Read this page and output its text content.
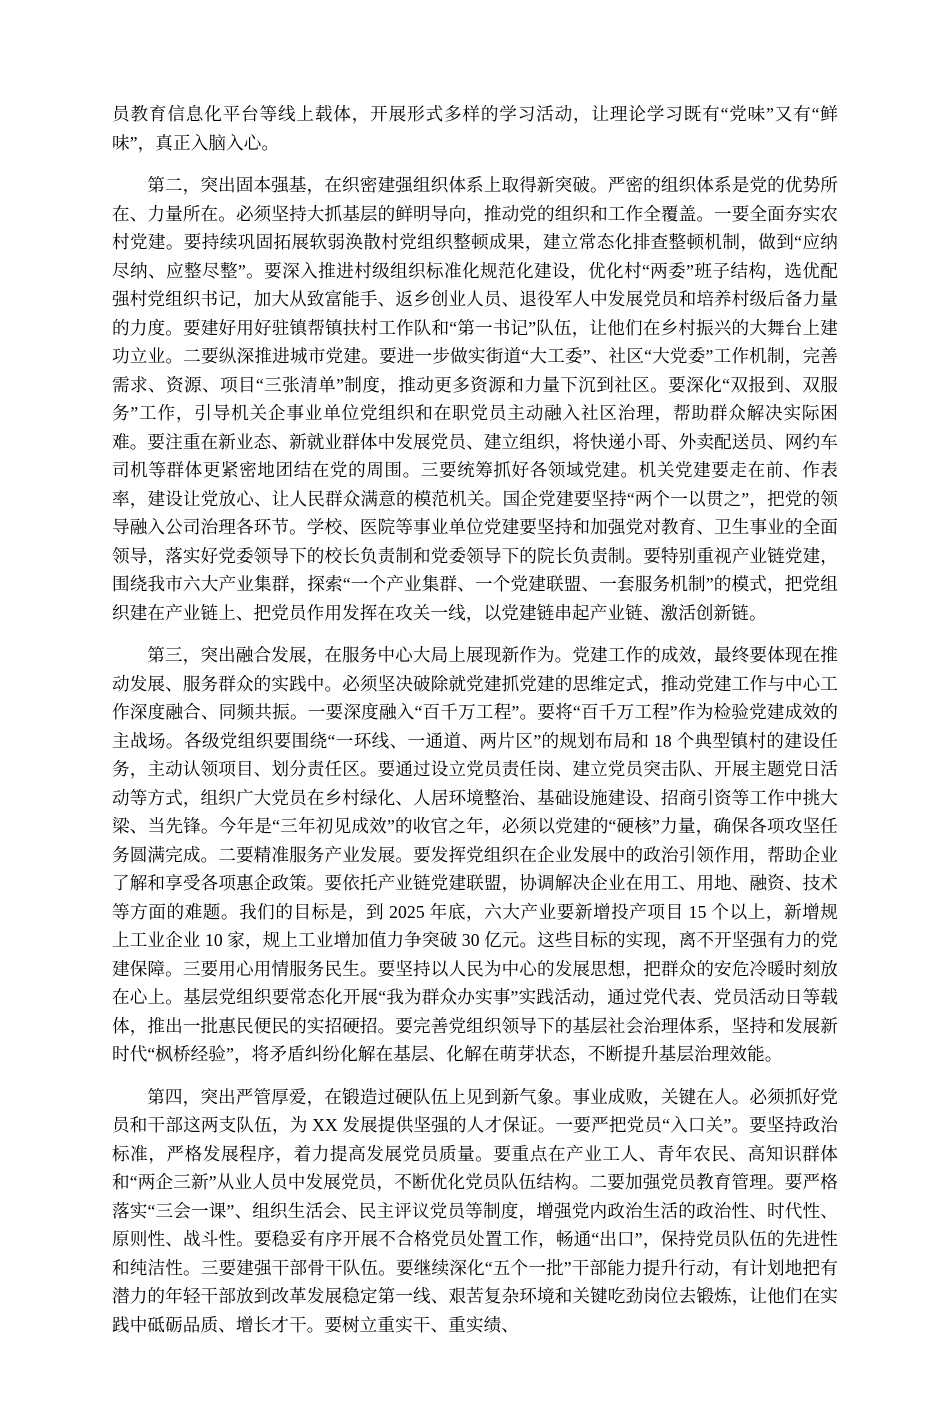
员教育信息化平台等线上载体，开展形式多样的学习活动，让理论学习既有“党味”又有“鲜味”，真正入脑入心。

第二，突出固本强基，在织密建强组织体系上取得新突破。严密的组织体系是党的优势所在、力量所在。必须坚持大抓基层的鲜明导向，推动党的组织和工作全覆盖。一要全面夯实农村党建。要持续巩固拓展软弱涣散村党组织整顿成果，建立常态化排查整顿机制，做到“应纳尽纳、应整尽整”。要深入推进村级组织标准化规范化建设，优化村“两委”班子结构，选优配强村党组织书记，加大从致富能手、返乡创业人员、退役军人中发展党员和培养村级后备力量的力度。要建好用好驻镇帮镇扶村工作队和“第一书记”队伍，让他们在乡村振兴的大舞台上建功立业。二要纵深推进城市党建。要进一步做实街道“大工委”、社区“大党委”工作机制，完善需求、资源、项目“三张清单”制度，推动更多资源和力量下沉到社区。要深化“双报到、双服务”工作，引导机关企事业单位党组织和在职党员主动融入社区治理，帮助群众解决实际困难。要注重在新业态、新就业群体中发展党员、建立组织，将快递小哥、外卖配送员、网约车司机等群体更紧密地团结在党的周围。三要统筹抓好各领域党建。机关党建要走在前、作表率，建设让党放心、让人民群众满意的模范机关。国企党建要坚持“两个一以贯之”，把党的领导融入公司治理各环节。学校、医院等事业单位党建要坚持和加强党对教育、卫生事业的全面领导，落实好党委领导下的校长负责制和党委领导下的院长负责制。要特别重视产业链党建，围绕我市六大产业集群，探索“一个产业集群、一个党建联盟、一套服务机制”的模式，把党组织建在产业链上、把党员作用发挥在攻关一线，以党建链串起产业链、激活创新链。

第三，突出融合发展，在服务中心大局上展现新作为。党建工作的成效，最终要体现在推动发展、服务群众的实践中。必须坚决破除就党建抓党建的思维定式，推动党建工作与中心工作深度融合、同频共振。一要深度融入“百千万工程”。要将“百千万工程”作为检验党建成效的主战场。各级党组织要围绕“一环线、一通道、两片区”的规划布局和 18 个典型镇村的建设任务，主动认领项目、划分责任区。要通过设立党员责任岗、建立党员突击队、开展主题党日活动等方式，组织广大党员在乡村绿化、人居环境整治、基础设施建设、招商引资等工作中挑大梁、当先锋。今年是“三年初见成效”的收官之年，必须以党建的“硬核”力量，确保各项攻坚任务圆满完成。二要精准服务产业发展。要发挥党组织在企业发展中的政治引领作用，帮助企业了解和享受各项惠企政策。要依托产业链党建联盟，协调解决企业在用工、用地、融资、技术等方面的难题。我们的目标是，到 2025 年底，六大产业要新增投产项目 15 个以上，新增规上工业企业 10 家，规上工业增加值力争突破 30 亿元。这些目标的实现，离不开坚强有力的党建保障。三要用心用情服务民生。要坚持以人民为中心的发展思想，把群众的安危冷暖时刻放在心上。基层党组织要常态化开展“我为群众办实事”实践活动，通过党代表、党员活动日等载体，推出一批惠民便民的实招硬招。要完善党组织领导下的基层社会治理体系，坚持和发展新时代“枫桥经验”，将矛盾纠纷化解在基层、化解在萌芽状态，不断提升基层治理效能。

第四，突出严管厚爱，在锻造过硬队伍上见到新气象。事业成败，关键在人。必须抓好党员和干部这两支队伍，为 XX 发展提供坚强的人才保证。一要严把党员“入口关”。要坚持政治标准，严格发展程序，着力提高发展党员质量。要重点在产业工人、青年农民、高知识群体和“两企三新”从业人员中发展党员，不断优化党员队伍结构。二要加强党员教育管理。要严格落实“三会一课”、组织生活会、民主评议党员等制度，增强党内政治生活的政治性、时代性、原则性、战斗性。要稳妥有序开展不合格党员处置工作，畅通“出口”，保持党员队伍的先进性和纯洁性。三要建强干部骨干队伍。要继续深化“五个一批”干部能力提升行动，有计划地把有潜力的年轻干部放到改革发展稳定第一线、艰苦复杂环境和关键吃劲岗位去锻炼，让他们在实践中砥砺品质、增长才干。要树立重实干、重实绩、
